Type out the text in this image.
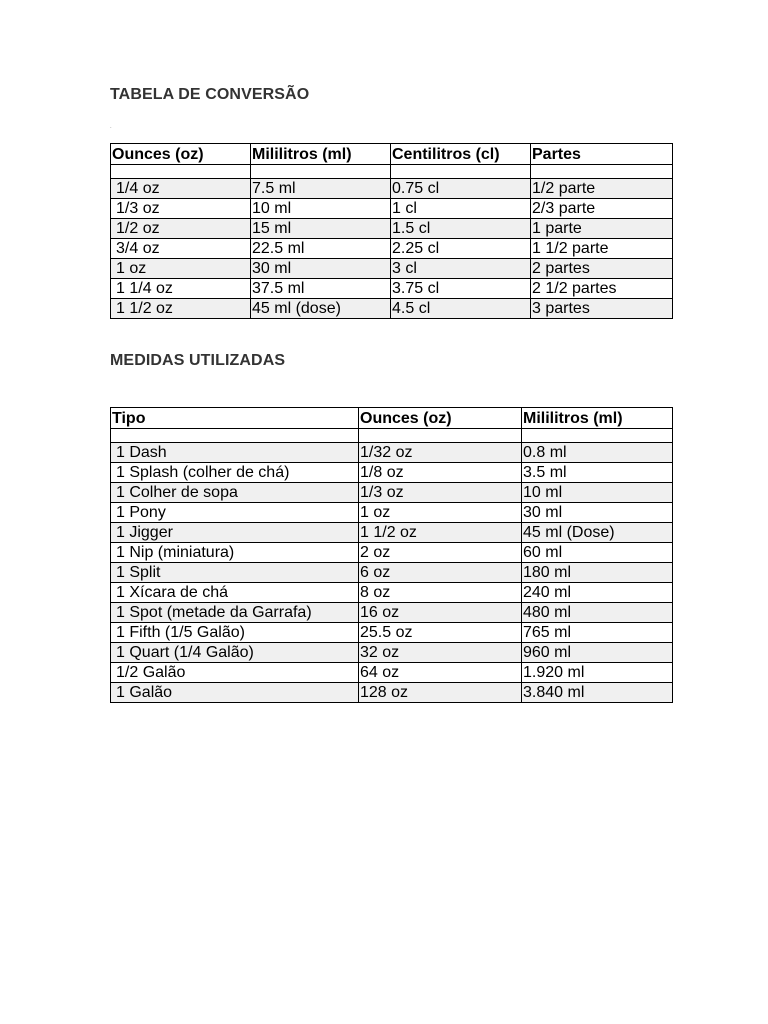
TABELA DE CONVERSÃO
.
Ounces (oz)	Mililitros (ml)	Centilitros (cl)	Partes

1/4 oz	7.5 ml	0.75 cl	1/2 parte
1/3 oz	10 ml	1 cl	2/3 parte
1/2 oz	15 ml	1.5 cl	1 parte
3/4 oz	22.5 ml	2.25 cl	1 1/2 parte
1 oz	30 ml	3 cl	2 partes
1 1/4 oz	37.5 ml	3.75 cl	2 1/2 partes
1 1/2 oz	45 ml (dose)	4.5 cl	3 partes
MEDIDAS UTILIZADAS
Tipo	Ounces (oz)	Mililitros (ml)

1 Dash	1/32 oz	0.8 ml
1 Splash (colher de chá)	1/8 oz	3.5 ml
1 Colher de sopa	1/3 oz	10 ml
1 Pony	1 oz	30 ml
1 Jigger	1 1/2 oz	45 ml (Dose)
1 Nip (miniatura)	2 oz	60 ml
1 Split	6 oz	180 ml
1 Xícara de chá	8 oz	240 ml
1 Spot (metade da Garrafa)	16 oz	480 ml
1 Fifth (1/5 Galão)	25.5 oz	765 ml
1 Quart (1/4 Galão)	32 oz	960 ml
1/2 Galão	64 oz	1.920 ml
1 Galão	128 oz	3.840 ml
